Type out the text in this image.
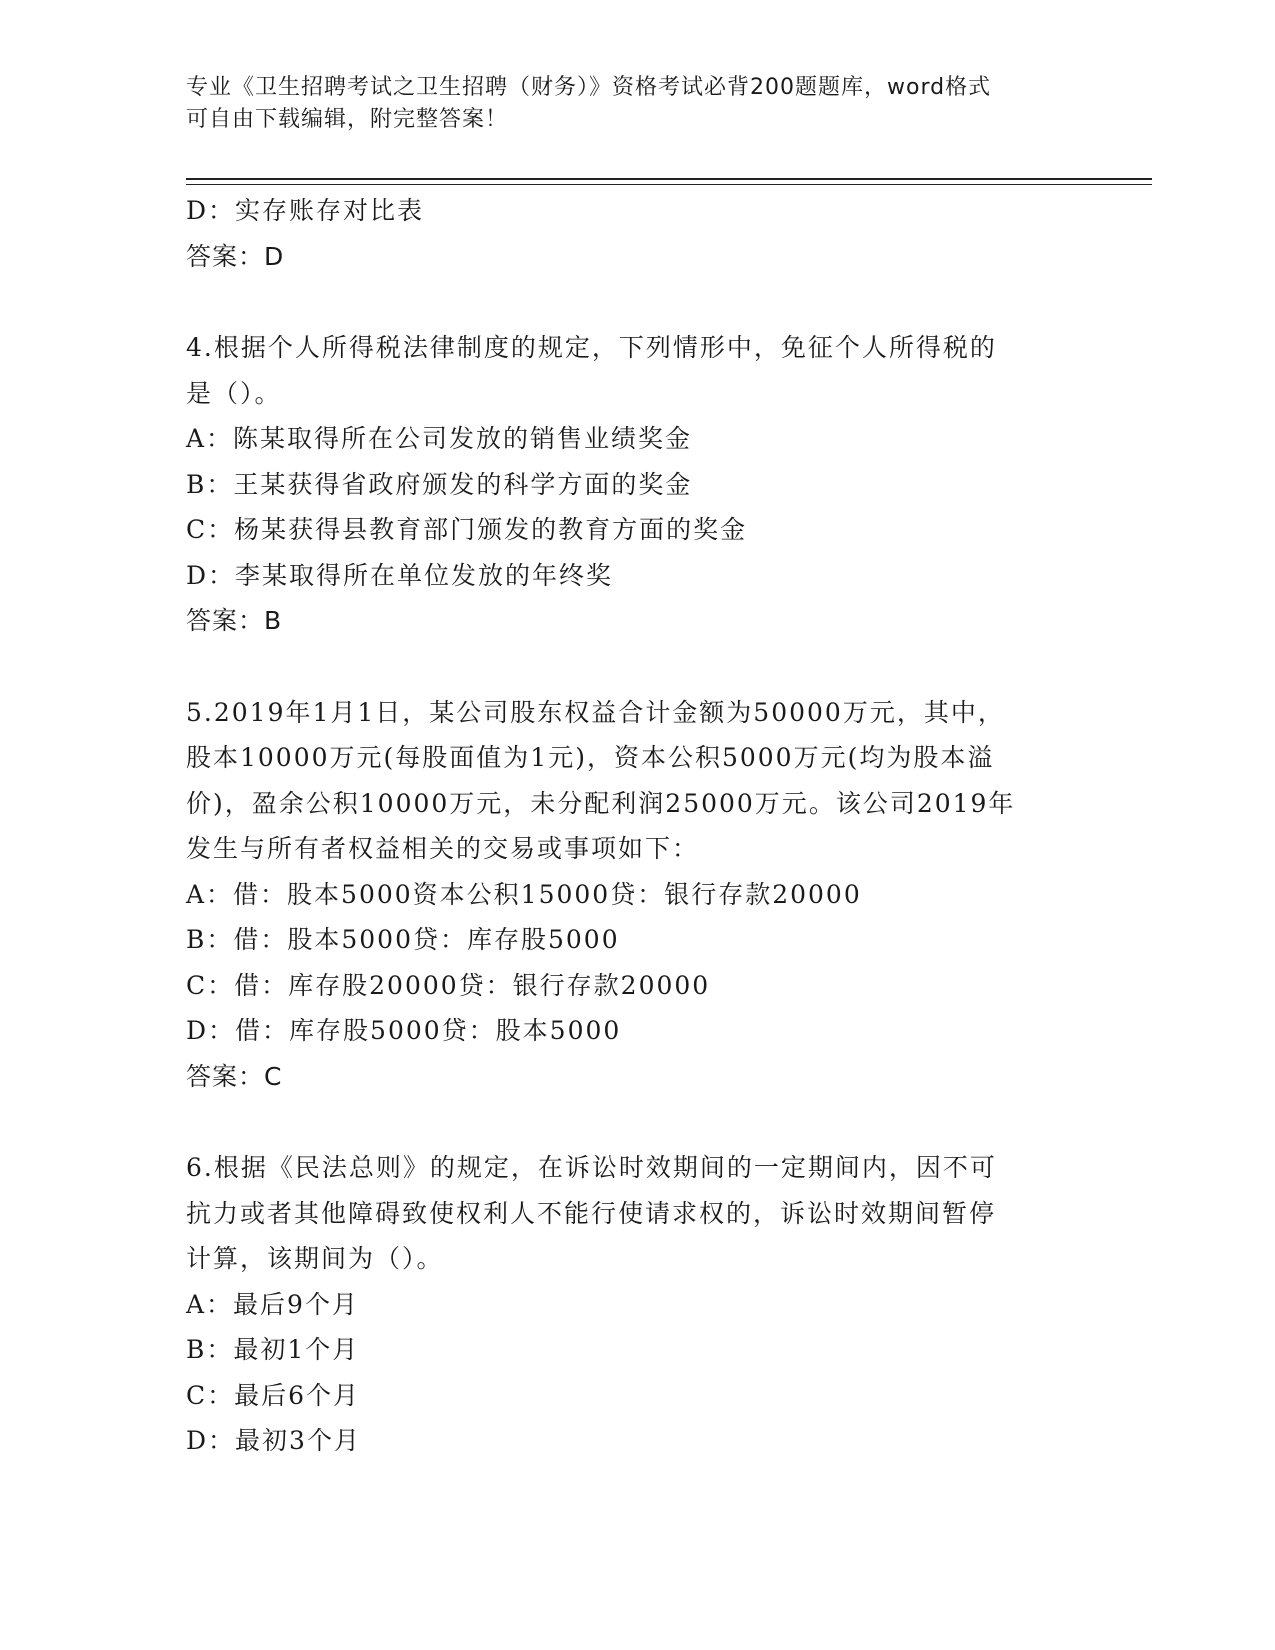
专业《卫生招聘考试之卫生招聘（财务）》资格考试必背200题题库，word格式
可自由下载编辑，附完整答案！
D：实存账存对比表
答案：D
4.根据个人所得税法律制度的规定，下列情形中，免征个人所得税的
是（）。
A：陈某取得所在公司发放的销售业绩奖金
B：王某获得省政府颁发的科学方面的奖金
C：杨某获得县教育部门颁发的教育方面的奖金
D：李某取得所在单位发放的年终奖
答案：B
5.2019年1月1日，某公司股东权益合计金额为50000万元，其中，
股本10000万元(每股面值为1元)，资本公积5000万元(均为股本溢
价)，盈余公积10000万元，未分配利润25000万元。该公司2019年
发生与所有者权益相关的交易或事项如下：
A：借：股本5000资本公积15000贷：银行存款20000
B：借：股本5000贷：库存股5000
C：借：库存股20000贷：银行存款20000
D：借：库存股5000贷：股本5000
答案：C
6.根据《民法总则》的规定，在诉讼时效期间的一定期间内，因不可
抗力或者其他障碍致使权利人不能行使请求权的，诉讼时效期间暂停
计算，该期间为（）。
A：最后9个月
B：最初1个月
C：最后6个月
D：最初3个月
